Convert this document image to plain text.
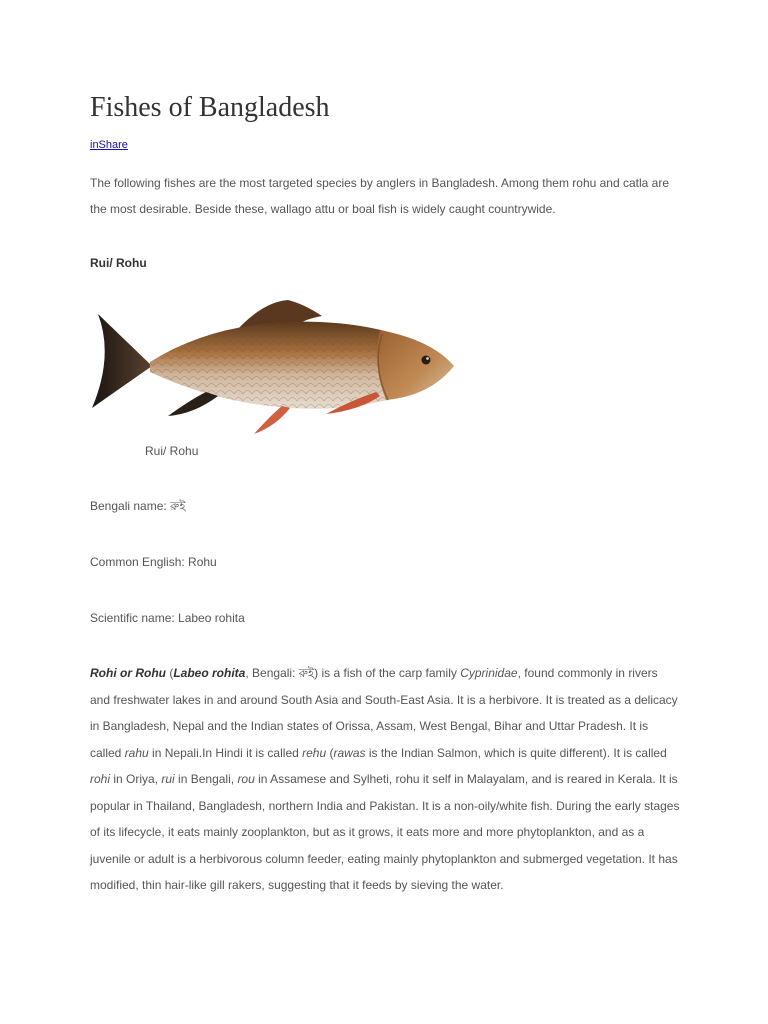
Fishes of Bangladesh
inShare

The following fishes are the most targeted species by anglers in Bangladesh. Among them rohu and catla are the most desirable. Beside these, wallago attu or boal fish is widely caught countrywide.

Rui/ Rohu
Rui/ Rohu

Bengali name: রুই

Common English: Rohu

Scientific name: Labeo rohita

Rohi or Rohu (Labeo rohita, Bengali: রুই) is a fish of the carp family Cyprinidae, found commonly in rivers and freshwater lakes in and around South Asia and South-East Asia. It is a herbivore. It is treated as a delicacy in Bangladesh, Nepal and the Indian states of Orissa, Assam, West Bengal, Bihar and Uttar Pradesh. It is called rahu in Nepali.In Hindi it is called rehu (rawas is the Indian Salmon, which is quite different). It is called rohi in Oriya, rui in Bengali, rou in Assamese and Sylheti, rohu it self in Malayalam, and is reared in Kerala. It is popular in Thailand, Bangladesh, northern India and Pakistan. It is a non-oily/white fish. During the early stages of its lifecycle, it eats mainly zooplankton, but as it grows, it eats more and more phytoplankton, and as a juvenile or adult is a herbivorous column feeder, eating mainly phytoplankton and submerged vegetation. It has modified, thin hair-like gill rakers, suggesting that it feeds by sieving the water.
